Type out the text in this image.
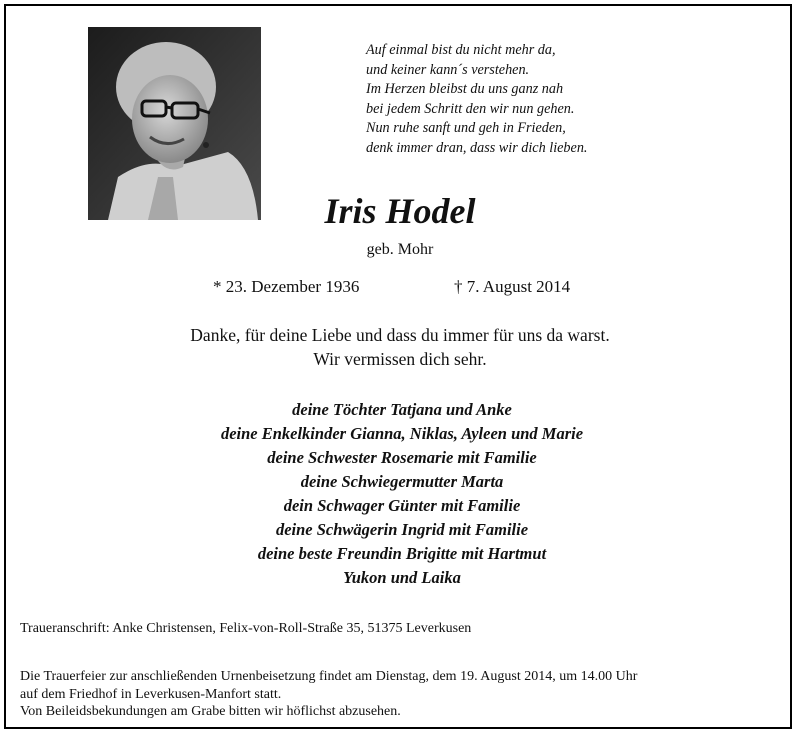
Auf einmal bist du nicht mehr da,
und keiner kann´s verstehen.
Im Herzen bleibst du uns ganz nah
bei jedem Schritt den wir nun gehen.
Nun ruhe sanft und geh in Frieden,
denk immer dran, dass wir dich lieben.
Iris Hodel
geb. Mohr
* 23. Dezember 1936	† 7. August 2014
Danke, für deine Liebe und dass du immer für uns da warst.
Wir vermissen dich sehr.
deine Töchter Tatjana und Anke
deine Enkelkinder Gianna, Niklas, Ayleen und Marie
deine Schwester Rosemarie mit Familie
deine Schwiegermutter Marta
dein Schwager Günter mit Familie
deine Schwägerin Ingrid mit Familie
deine beste Freundin Brigitte mit Hartmut
Yukon und Laika
Traueranschrift: Anke Christensen, Felix-von-Roll-Straße 35, 51375 Leverkusen
Die Trauerfeier zur anschließenden Urnenbeisetzung findet am Dienstag, dem 19. August 2014, um 14.00 Uhr
auf dem Friedhof in Leverkusen-Manfort statt.
Von Beileidsbekundungen am Grabe bitten wir höflichst abzusehen.
